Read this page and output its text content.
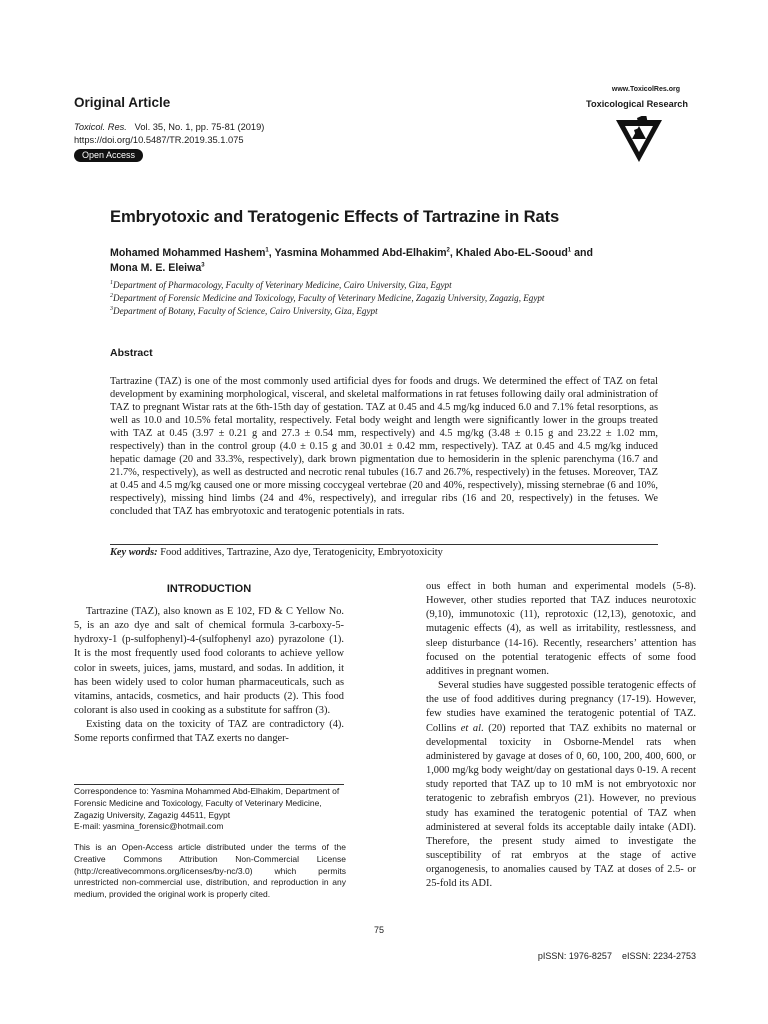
Original Article
Toxicol. Res. Vol. 35, No. 1, pp. 75-81 (2019)
https://doi.org/10.5487/TR.2019.35.1.075
Open Access
www.ToxicolRes.org
Toxicological Research
Embryotoxic and Teratogenic Effects of Tartrazine in Rats
Mohamed Mohammed Hashem$^1$, Yasmina Mohammed Abd-Elhakim$^2$, Khaled Abo-EL-Sooud$^1$ and
Mona M. E. Eleiwa$^3$
$^1$Department of Pharmacology, Faculty of Veterinary Medicine, Cairo University, Giza, Egypt
$^2$Department of Forensic Medicine and Toxicology, Faculty of Veterinary Medicine, Zagazig University, Zagazig, Egypt
$^3$Department of Botany, Faculty of Science, Cairo University, Giza, Egypt
Abstract
Tartrazine (TAZ) is one of the most commonly used artificial dyes for foods and drugs. We determined the effect of TAZ on fetal development by examining morphological, visceral, and skeletal malformations in rat fetuses following daily oral administration of TAZ to pregnant Wistar rats at the 6th-15th day of gestation. TAZ at 0.45 and 4.5 mg/kg induced 6.0 and 7.1% fetal resorptions, as well as 10.0 and 10.5% fetal mortality, respectively. Fetal body weight and length were significantly lower in the groups treated with TAZ at 0.45 (3.97 ± 0.21 g and 27.3 ± 0.54 mm, respectively) and 4.5 mg/kg (3.48 ± 0.15 g and 23.22 ± 1.02 mm, respectively) than in the control group (4.0 ± 0.15 g and 30.01 ± 0.42 mm, respectively). TAZ at 0.45 and 4.5 mg/kg induced hepatic damage (20 and 33.3%, respectively), dark brown pigmentation due to hemosiderin in the splenic parenchyma (16.7 and 21.7%, respectively), as well as destructed and necrotic renal tubules (16.7 and 26.7%, respectively) in the fetuses. Moreover, TAZ at 0.45 and 4.5 mg/kg caused one or more missing coccygeal vertebrae (20 and 40%, respectively), missing sternebrae (6 and 10%, respectively), missing hind limbs (24 and 4%, respectively), and irregular ribs (16 and 20, respectively) in the fetuses. We concluded that TAZ has embryotoxic and teratogenic potentials in rats.
Key words: Food additives, Tartrazine, Azo dye, Teratogenicity, Embryotoxicity
INTRODUCTION

Tartrazine (TAZ), also known as E 102, FD & C Yellow No. 5, is an azo dye and salt of chemical formula 3-carboxy-5-hydroxy-1 (p-sulfophenyl)-4-(sulfophenyl azo) pyrazolone (1). It is the most frequently used food colorants to achieve yellow color in sweets, juices, jams, mustard, and sodas. In addition, it has been widely used to color human pharmaceuticals, such as vitamins, antacids, cosmetics, and hair products (2). This food colorant is also used in cooking as a substitute for saffron (3).

Existing data on the toxicity of TAZ are contradictory (4). Some reports confirmed that TAZ exerts no danger-

ous effect in both human and experimental models (5-8). However, other studies reported that TAZ induces neurotoxic (9,10), immunotoxic (11), reprotoxic (12,13), genotoxic, and mutagenic effects (4), as well as irritability, restlessness, and sleep disturbance (14-16). Recently, researchers’ attention has focused on the potential teratogenic effects of some food additives in pregnant women.

Several studies have suggested possible teratogenic effects of the use of food additives during pregnancy (17-19). However, few studies have examined the teratogenic potential of TAZ. Collins et al. (20) reported that TAZ exhibits no maternal or developmental toxicity in Osborne-Mendel rats when administered by gavage at doses of 0, 60, 100, 200, 400, 600, or 1,000 mg/kg body weight/day on gestational days 0-19. A recent study reported that TAZ up to 10 mM is not embryotoxic nor teratogenic to zebrafish embryos (21). However, no previous study has examined the teratogenic potential of TAZ when administered at several folds its acceptable daily intake (ADI). Therefore, the present study aimed to investigate the susceptibility of rat embryos at the stage of active organogenesis, to anomalies caused by TAZ at doses of 2.5- or 25-fold its ADI.

Correspondence to: Yasmina Mohammed Abd-Elhakim, Department of Forensic Medicine and Toxicology, Faculty of Veterinary Medicine, Zagazig University, Zagazig 44511, Egypt
E-mail: yasmina_forensic@hotmail.com
This is an Open-Access article distributed under the terms of the Creative Commons Attribution Non-Commercial License (http://creativecommons.org/licenses/by-nc/3.0) which permits unrestricted non-commercial use, distribution, and reproduction in any medium, provided the original work is properly cited.
75
pISSN: 1976-8257    eISSN: 2234-2753
